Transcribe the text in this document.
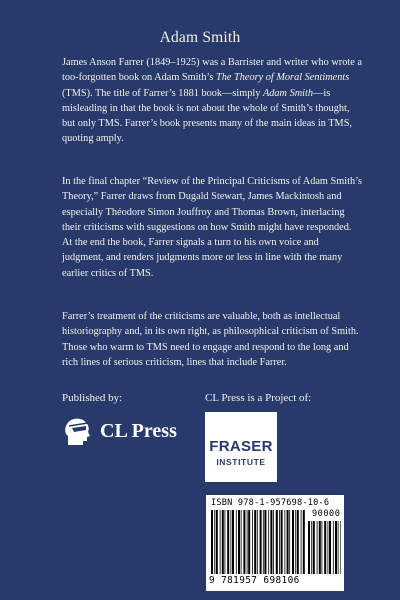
Adam Smith

James Anson Farrer (1849–1925) was a Barrister and writer who wrote a too-forgotten book on Adam Smith’s The Theory of Moral Sentiments (TMS). The title of Farrer’s 1881 book—simply Adam Smith—is misleading in that the book is not about the whole of Smith’s thought, but only TMS. Farrer’s book presents many of the main ideas in TMS, quoting amply.

In the final chapter “Review of the Principal Criticisms of Adam Smith’s Theory,” Farrer draws from Dugald Stewart, James Mackintosh and especially Théodore Simon Jouffroy and Thomas Brown, interlacing their criticisms with suggestions on how Smith might have responded. At the end the book, Farrer signals a turn to his own voice and judgment, and renders judgments more or less in line with the many earlier critics of TMS.

Farrer’s treatment of the criticisms are valuable, both as intellectual historiography and, in its own right, as philosophical criticism of Smith. Those who warm to TMS need to engage and respond to the long and rich lines of serious criticism, lines that include Farrer.

Published by:	CL Press is a Project of:
CL Press
FRASER
INSTITUTE
ISBN 978-1-957698-10-6
90000
9 781957 698106
